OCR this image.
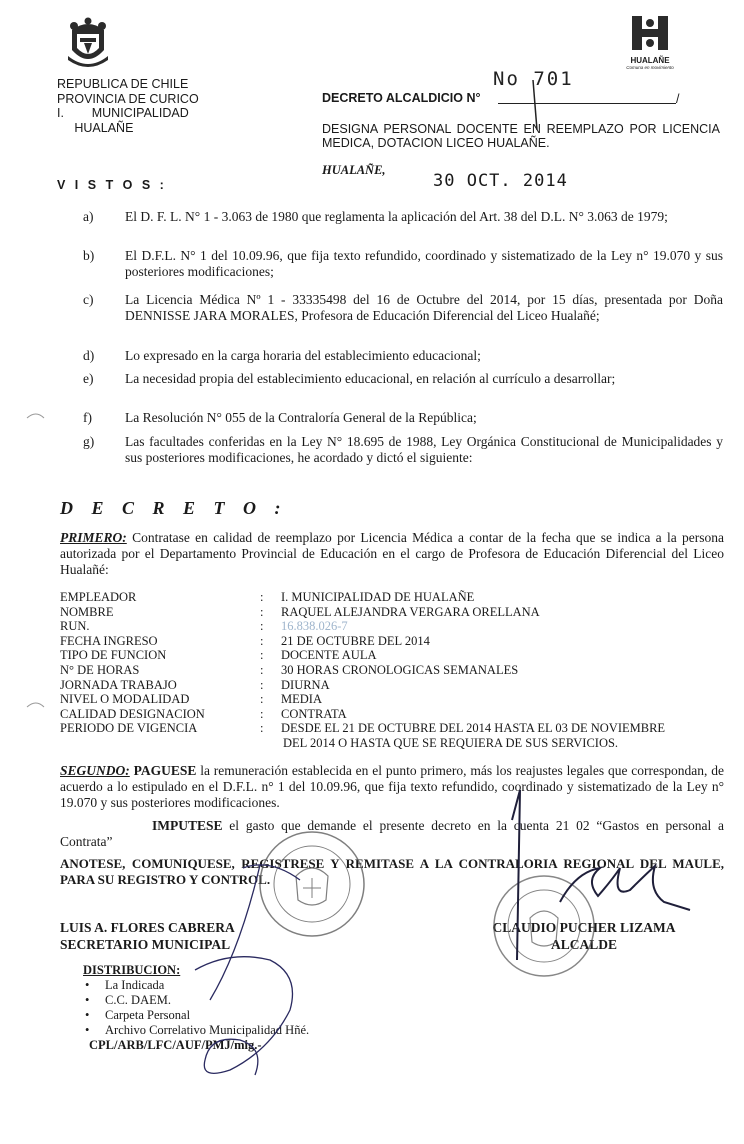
HUALAÑE
Comuna en movimiento
REPUBLICA DE CHILE
PROVINCIA DE CURICO
I.        MUNICIPALIDAD
HUALAÑE
No 701
DECRETO ALCALDICIO N°	/
DESIGNA PERSONAL DOCENTE EN REEMPLAZO POR LICENCIA MEDICA, DOTACION LICEO HUALAÑE.
HUALAÑE,
30 OCT. 2014
V I S T O S :
a) El D. F. L. N° 1 - 3.063 de 1980 que reglamenta la aplicación del Art. 38 del D.L. N° 3.063 de 1979;
b) El D.F.L. N° 1 del 10.09.96, que fija texto refundido, coordinado y sistematizado de la Ley n° 19.070 y sus posteriores modificaciones;
c) La Licencia Médica Nº 1 - 33335498 del 16 de Octubre del 2014, por 15 días, presentada por Doña DENNISSE JARA MORALES, Profesora de Educación Diferencial del Liceo Hualañé;
d) Lo expresado en la carga horaria del establecimiento educacional;
e) La necesidad propia del establecimiento educacional, en relación al currículo a desarrollar;
f) La Resolución N° 055 de la Contraloría General de la República;
g) Las facultades conferidas en la Ley N° 18.695 de 1988, Ley Orgánica Constitucional de Municipalidades y sus posteriores modificaciones, he acordado y dictó el siguiente:
D E C R E T O :
PRIMERO: Contratase en calidad de reemplazo por Licencia Médica a contar de la fecha que se indica a la persona autorizada por el Departamento Provincial de Educación en el cargo de Profesora de Educación Diferencial del Liceo Hualañé:
EMPLEADOR	: I. MUNICIPALIDAD DE HUALAÑE
NOMBRE	: RAQUEL ALEJANDRA VERGARA ORELLANA
RUN.	: 16.838.026-7
FECHA INGRESO	: 21 DE OCTUBRE DEL 2014
TIPO DE FUNCION	: DOCENTE AULA
N° DE HORAS	: 30 HORAS CRONOLOGICAS SEMANALES
JORNADA TRABAJO	: DIURNA
NIVEL O MODALIDAD	: MEDIA
CALIDAD DESIGNACION	: CONTRATA
PERIODO DE VIGENCIA	: DESDE EL 21 DE OCTUBRE DEL 2014 HASTA EL 03 DE NOVIEMBRE
DEL 2014 O HASTA QUE SE REQUIERA DE SUS SERVICIOS.
SEGUNDO: PAGUESE la remuneración establecida en el punto primero, más los reajustes legales que correspondan, de acuerdo a lo estipulado en el D.F.L. n° 1 del 10.09.96, que fija texto refundido, coordinado y sistematizado de la Ley n° 19.070 y sus posteriores modificaciones.
IMPUTESE el gasto que demande el presente decreto en la cuenta 21 02 “Gastos en personal a Contrata”
ANOTESE, COMUNIQUESE, REGISTRESE Y REMITASE A LA CONTRALORIA REGIONAL DEL MAULE, PARA SU REGISTRO Y CONTROL.
LUIS A. FLORES CABRERA
SECRETARIO MUNICIPAL
CLAUDIO PUCHER LIZAMA
ALCALDE
DISTRIBUCION:
• La Indicada
• C.C. DAEM.
• Carpeta Personal
• Archivo Correlativo Municipalidad Hñé.
CPL/ARB/LFC/AUF/PMJ/mig.-
